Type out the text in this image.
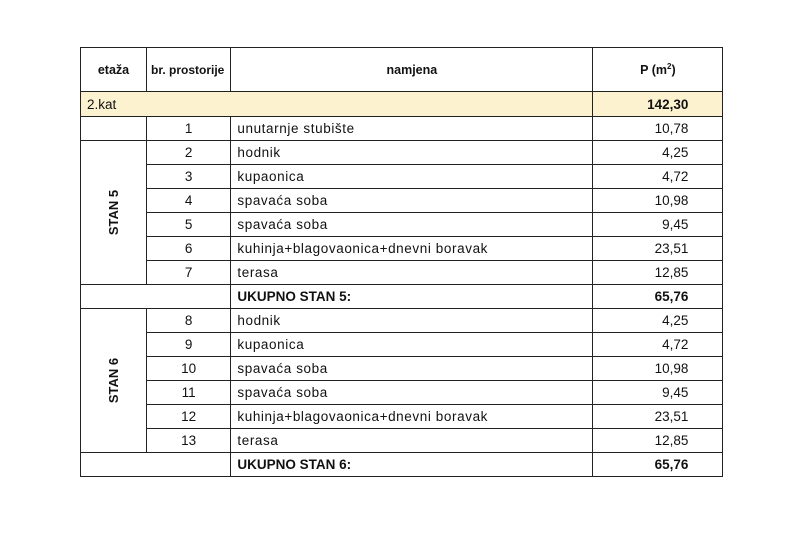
etaža	br. prostorije	namjena	P $(m^2)$
2.kat			142,30
	1	unutarnje stubište	10,78
STAN 5	2	hodnik	4,25
	3	kupaonica	4,72
	4	spavaća soba	10,98
	5	spavaća soba	9,45
	6	kuhinja+blagovaonica+dnevni boravak	23,51
	7	terasa	12,85
		UKUPNO STAN 5:	65,76
STAN 6	8	hodnik	4,25
	9	kupaonica	4,72
	10	spavaća soba	10,98
	11	spavaća soba	9,45
	12	kuhinja+blagovaonica+dnevni boravak	23,51
	13	terasa	12,85
		UKUPNO STAN 6:	65,76
